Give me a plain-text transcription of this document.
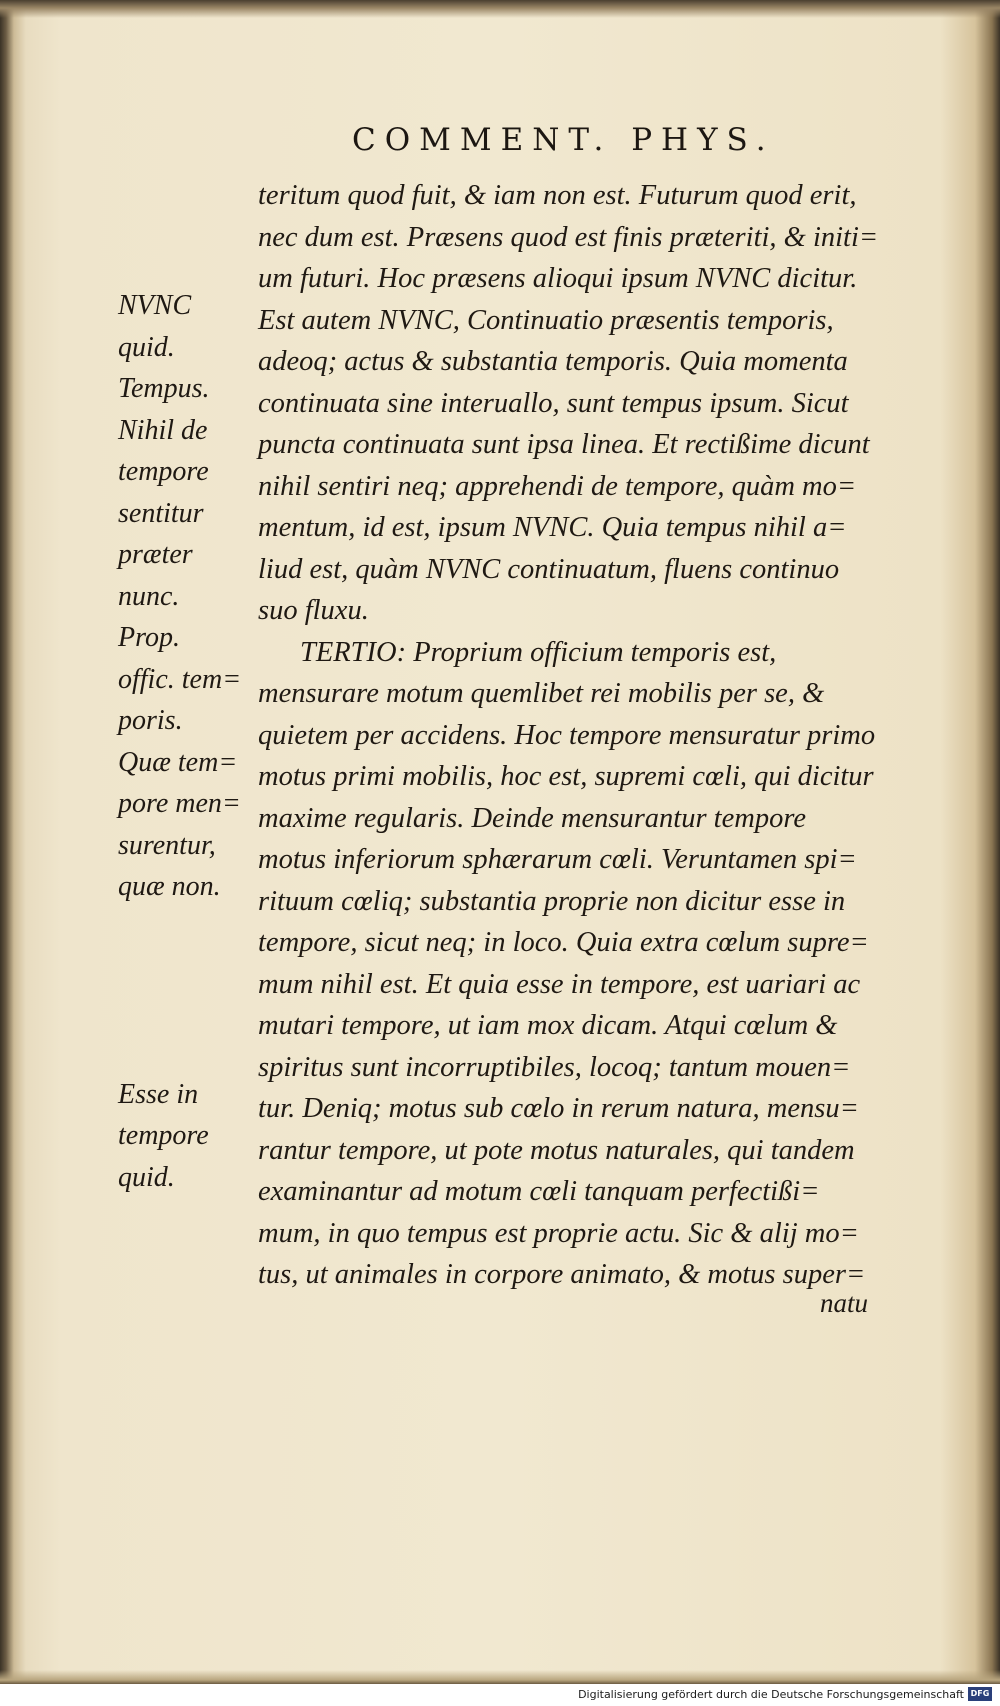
COMMENT. PHYS.
teritum quod fuit, & iam non est. Futurum quod erit,
nec dum est. Præsens quod est finis præteriti, & initi=
um futuri. Hoc præsens alioqui ipsum NVNC dicitur.
Est autem NVNC, Continuatio præsentis temporis,
adeoq; actus & substantia temporis. Quia momenta
continuata sine interuallo, sunt tempus ipsum. Sicut
puncta continuata sunt ipsa linea. Et rectißime dicunt
nihil sentiri neq; apprehendi de tempore, quàm mo=
mentum, id est, ipsum NVNC. Quia tempus nihil a=
liud est, quàm NVNC continuatum, fluens continuo
suo fluxu.
TERTIO: Proprium officium temporis est,
mensurare motum quemlibet rei mobilis per se, &
quietem per accidens. Hoc tempore mensuratur primo
motus primi mobilis, hoc est, supremi cœli, qui dicitur
maxime regularis. Deinde mensurantur tempore
motus inferiorum sphærarum cœli. Veruntamen spi=
rituum cœliq; substantia proprie non dicitur esse in
tempore, sicut neq; in loco. Quia extra cœlum supre=
mum nihil est. Et quia esse in tempore, est uariari ac
mutari tempore, ut iam mox dicam. Atqui cœlum &
spiritus sunt incorruptibiles, locoq; tantum mouen=
tur. Deniq; motus sub cœlo in rerum natura, mensu=
rantur tempore, ut pote motus naturales, qui tandem
examinantur ad motum cœli tanquam perfectißi=
mum, in quo tempus est proprie actu. Sic & alij mo=
tus, ut animales in corpore animato, & motus super=
NVNC
quid.
Tempus.
Nihil de
tempore
sentitur
præter
nunc.
Prop.
offic. tem=
poris.
Quæ tem=
pore men=
surentur,
quæ non.
Esse in
tempore
quid.
natu
Digitalisierung gefördert durch die Deutsche Forschungsgemeinschaft DFG
